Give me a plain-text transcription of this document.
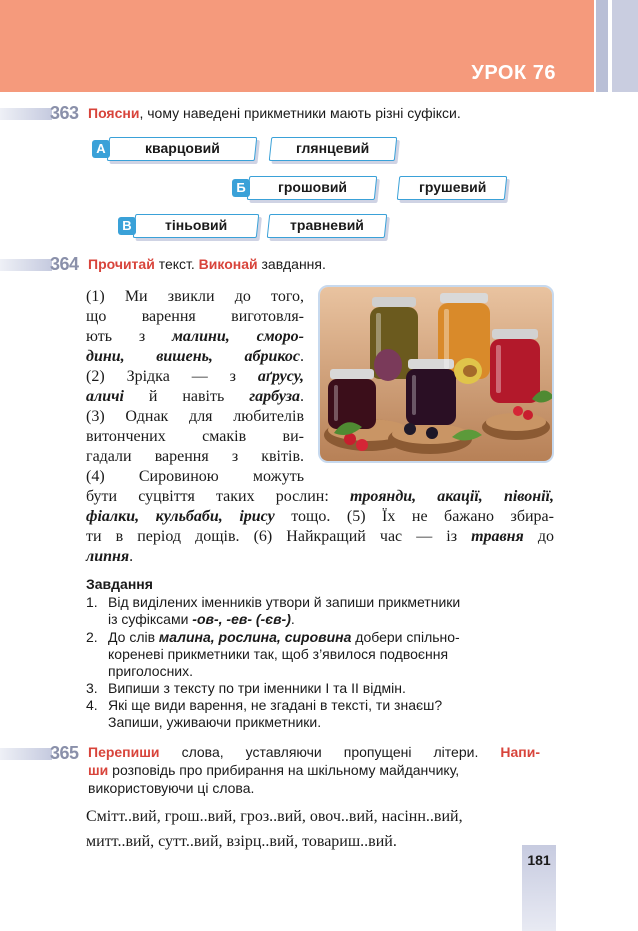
УРОК 76
363 Поясни, чому наведені прикметники мають різні суфікси.
А	кварцовий	глянцевий
Б	грошовий	грушевий
В	тіньовий	травневий
364 Прочитай текст. Виконай завдання.
(1) Ми звикли до того,
що варення виготовля-
ють з малини, сморо-
дини, вишень, абрикос.
(2) Зрідка — з аґрусу,
аличі й навіть гарбуза.
(3) Однак для любителів
витончених смаків ви-
гадали варення з квітів.
(4) Сировиною можуть
бути суцвіття таких рослин: троянди, акації, півонії,
фіалки, кульбаби, ірису тощо. (5) Їх не бажано збира-
ти в період дощів. (6) Найкращий час — із травня до
липня.
Завдання
1. Від виділених іменників утвори й запиши прикметники
із суфіксами -ов-, -ев- (-єв-).
2. До слів малина, рослина, сировина добери спільно-
кореневі прикметники так, щоб з’явилося подвоєння
приголосних.
3. Випиши з тексту по три іменники І та ІІ відмін.
4. Які ще види варення, не згадані в тексті, ти знаєш?
Запиши, уживаючи прикметники.
365 Перепиши слова, уставляючи пропущені літери. Напи-
ши розповідь про прибирання на шкільному майданчику,
використовуючи ці слова.
Смітт..вий, грош..вий, гроз..вий, овоч..вий, насінн..вий,
митт..вий, сутт..вий, взірц..вий, товариш..вий.
181
